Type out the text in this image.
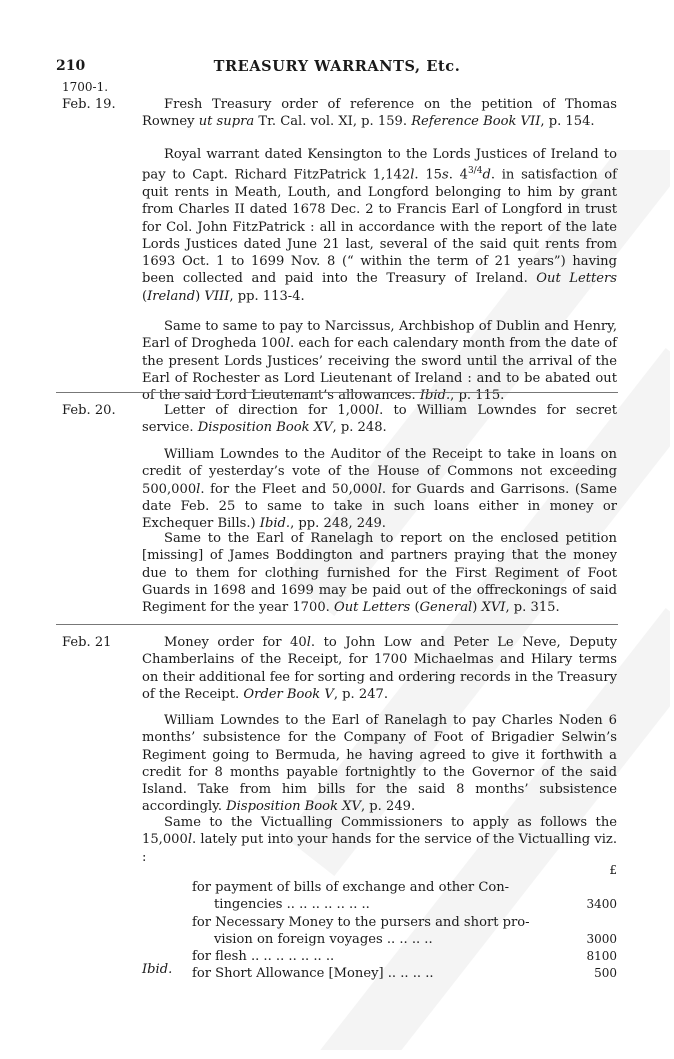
210	TREASURY WARRANTS, Etc.
1700-1.
Feb. 19.	Fresh Treasury order of reference on the petition of Thomas Rowney ut supra Tr. Cal. vol. XI, p. 159. Reference Book VII, p. 154.
Royal warrant dated Kensington to the Lords Justices of Ireland to pay to Capt. Richard FitzPatrick 1,142l. 15s. $4^{3/4}d$. in satisfaction of quit rents in Meath, Louth, and Longford belonging to him by grant from Charles II dated 1678 Dec. 2 to Francis Earl of Longford in trust for Col. John FitzPatrick : all in accordance with the report of the late Lords Justices dated June 21 last, several of the said quit rents from 1693 Oct. 1 to 1699 Nov. 8 (“ within the term of 21 years”) having been collected and paid into the Treasury of Ireland. Out Letters (Ireland) VIII, pp. 113-4.
Same to same to pay to Narcissus, Archbishop of Dublin and Henry, Earl of Drogheda 100l. each for each calendary month from the date of the present Lords Justices’ receiving the sword until the arrival of the Earl of Rochester as Lord Lieutenant of Ireland : and to be abated out of the said Lord Lieutenant’s allowances. Ibid., p. 115.
Feb. 20.	Letter of direction for 1,000l. to William Lowndes for secret service. Disposition Book XV, p. 248.
William Lowndes to the Auditor of the Receipt to take in loans on credit of yesterday’s vote of the House of Commons not exceeding 500,000l. for the Fleet and 50,000l. for Guards and Garrisons. (Same date Feb. 25 to same to take in such loans either in money or Exchequer Bills.) Ibid., pp. 248, 249.
Same to the Earl of Ranelagh to report on the enclosed petition [missing] of James Boddington and partners praying that the money due to them for clothing furnished for the First Regiment of Foot Guards in 1698 and 1699 may be paid out of the offreckonings of said Regiment for the year 1700. Out Letters (General) XVI, p. 315.
Feb. 21	Money order for 40l. to John Low and Peter Le Neve, Deputy Chamberlains of the Receipt, for 1700 Michaelmas and Hilary terms on their additional fee for sorting and ordering records in the Treasury of the Receipt. Order Book V, p. 247.
William Lowndes to the Earl of Ranelagh to pay Charles Noden 6 months’ subsistence for the Company of Foot of Brigadier Selwin’s Regiment going to Bermuda, he having agreed to give it forthwith a credit for 8 months payable fortnightly to the Governor of the said Island. Take from him bills for the said 8 months’ subsistence accordingly. Disposition Book XV, p. 249.
Same to the Victualling Commissioners to apply as follows the 15,000l. lately put into your hands for the service of the Victualling viz. :
£
for payment of bills of exchange and other Con-
tingencies .. .. .. .. .. .. ..	3400
for Necessary Money to the pursers and short pro-
vision on foreign voyages .. .. .. ..	3000
for flesh .. .. .. .. .. .. ..	8100
for Short Allowance [Money] .. .. .. ..	500
Ibid.
